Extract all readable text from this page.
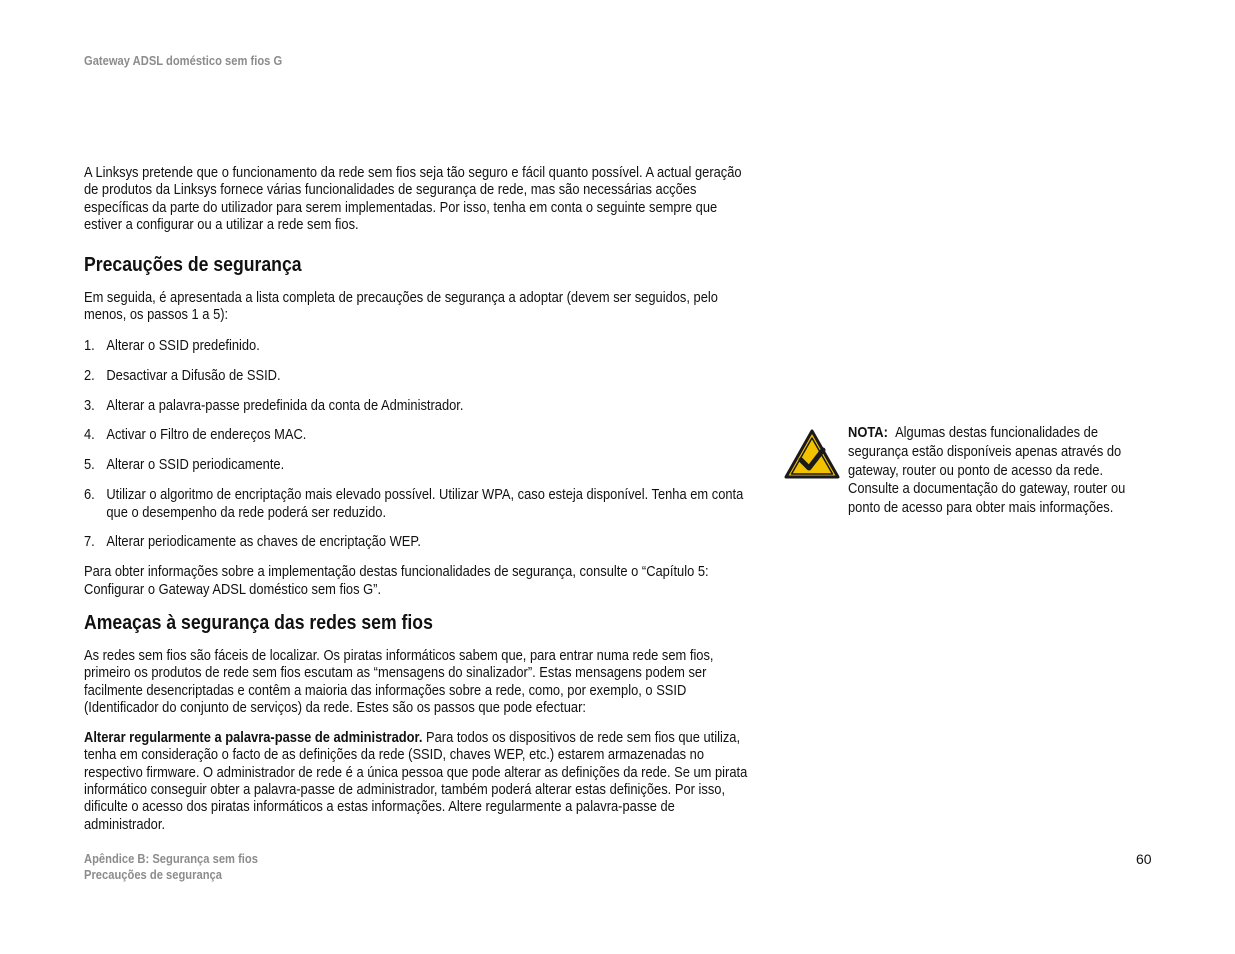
Gateway ADSL doméstico sem fios G

A Linksys pretende que o funcionamento da rede sem fios seja tão seguro e fácil quanto possível. A actual geração de produtos da Linksys fornece várias funcionalidades de segurança de rede, mas são necessárias acções específicas da parte do utilizador para serem implementadas. Por isso, tenha em conta o seguinte sempre que estiver a configurar ou a utilizar a rede sem fios.

Precauções de segurança

Em seguida, é apresentada a lista completa de precauções de segurança a adoptar (devem ser seguidos, pelo menos, os passos 1 a 5):

1. Alterar o SSID predefinido.
2. Desactivar a Difusão de SSID.
3. Alterar a palavra-passe predefinida da conta de Administrador.
4. Activar o Filtro de endereços MAC.
5. Alterar o SSID periodicamente.
6. Utilizar o algoritmo de encriptação mais elevado possível. Utilizar WPA, caso esteja disponível. Tenha em conta que o desempenho da rede poderá ser reduzido.
7. Alterar periodicamente as chaves de encriptação WEP.

Para obter informações sobre a implementação destas funcionalidades de segurança, consulte o “Capítulo 5: Configurar o Gateway ADSL doméstico sem fios G”.

Ameaças à segurança das redes sem fios

As redes sem fios são fáceis de localizar. Os piratas informáticos sabem que, para entrar numa rede sem fios, primeiro os produtos de rede sem fios escutam as “mensagens do sinalizador”. Estas mensagens podem ser facilmente desencriptadas e contêm a maioria das informações sobre a rede, como, por exemplo, o SSID (Identificador do conjunto de serviços) da rede. Estes são os passos que pode efectuar:

Alterar regularmente a palavra-passe de administrador. Para todos os dispositivos de rede sem fios que utiliza, tenha em consideração o facto de as definições da rede (SSID, chaves WEP, etc.) estarem armazenadas no respectivo firmware. O administrador de rede é a única pessoa que pode alterar as definições da rede. Se um pirata informático conseguir obter a palavra-passe de administrador, também poderá alterar estas definições. Por isso, dificulte o acesso dos piratas informáticos a estas informações. Altere regularmente a palavra-passe de administrador.

NOTA: Algumas destas funcionalidades de segurança estão disponíveis apenas através do gateway, router ou ponto de acesso da rede. Consulte a documentação do gateway, router ou ponto de acesso para obter mais informações.
Apêndice B: Segurança sem fios
Precauções de segurança
60
